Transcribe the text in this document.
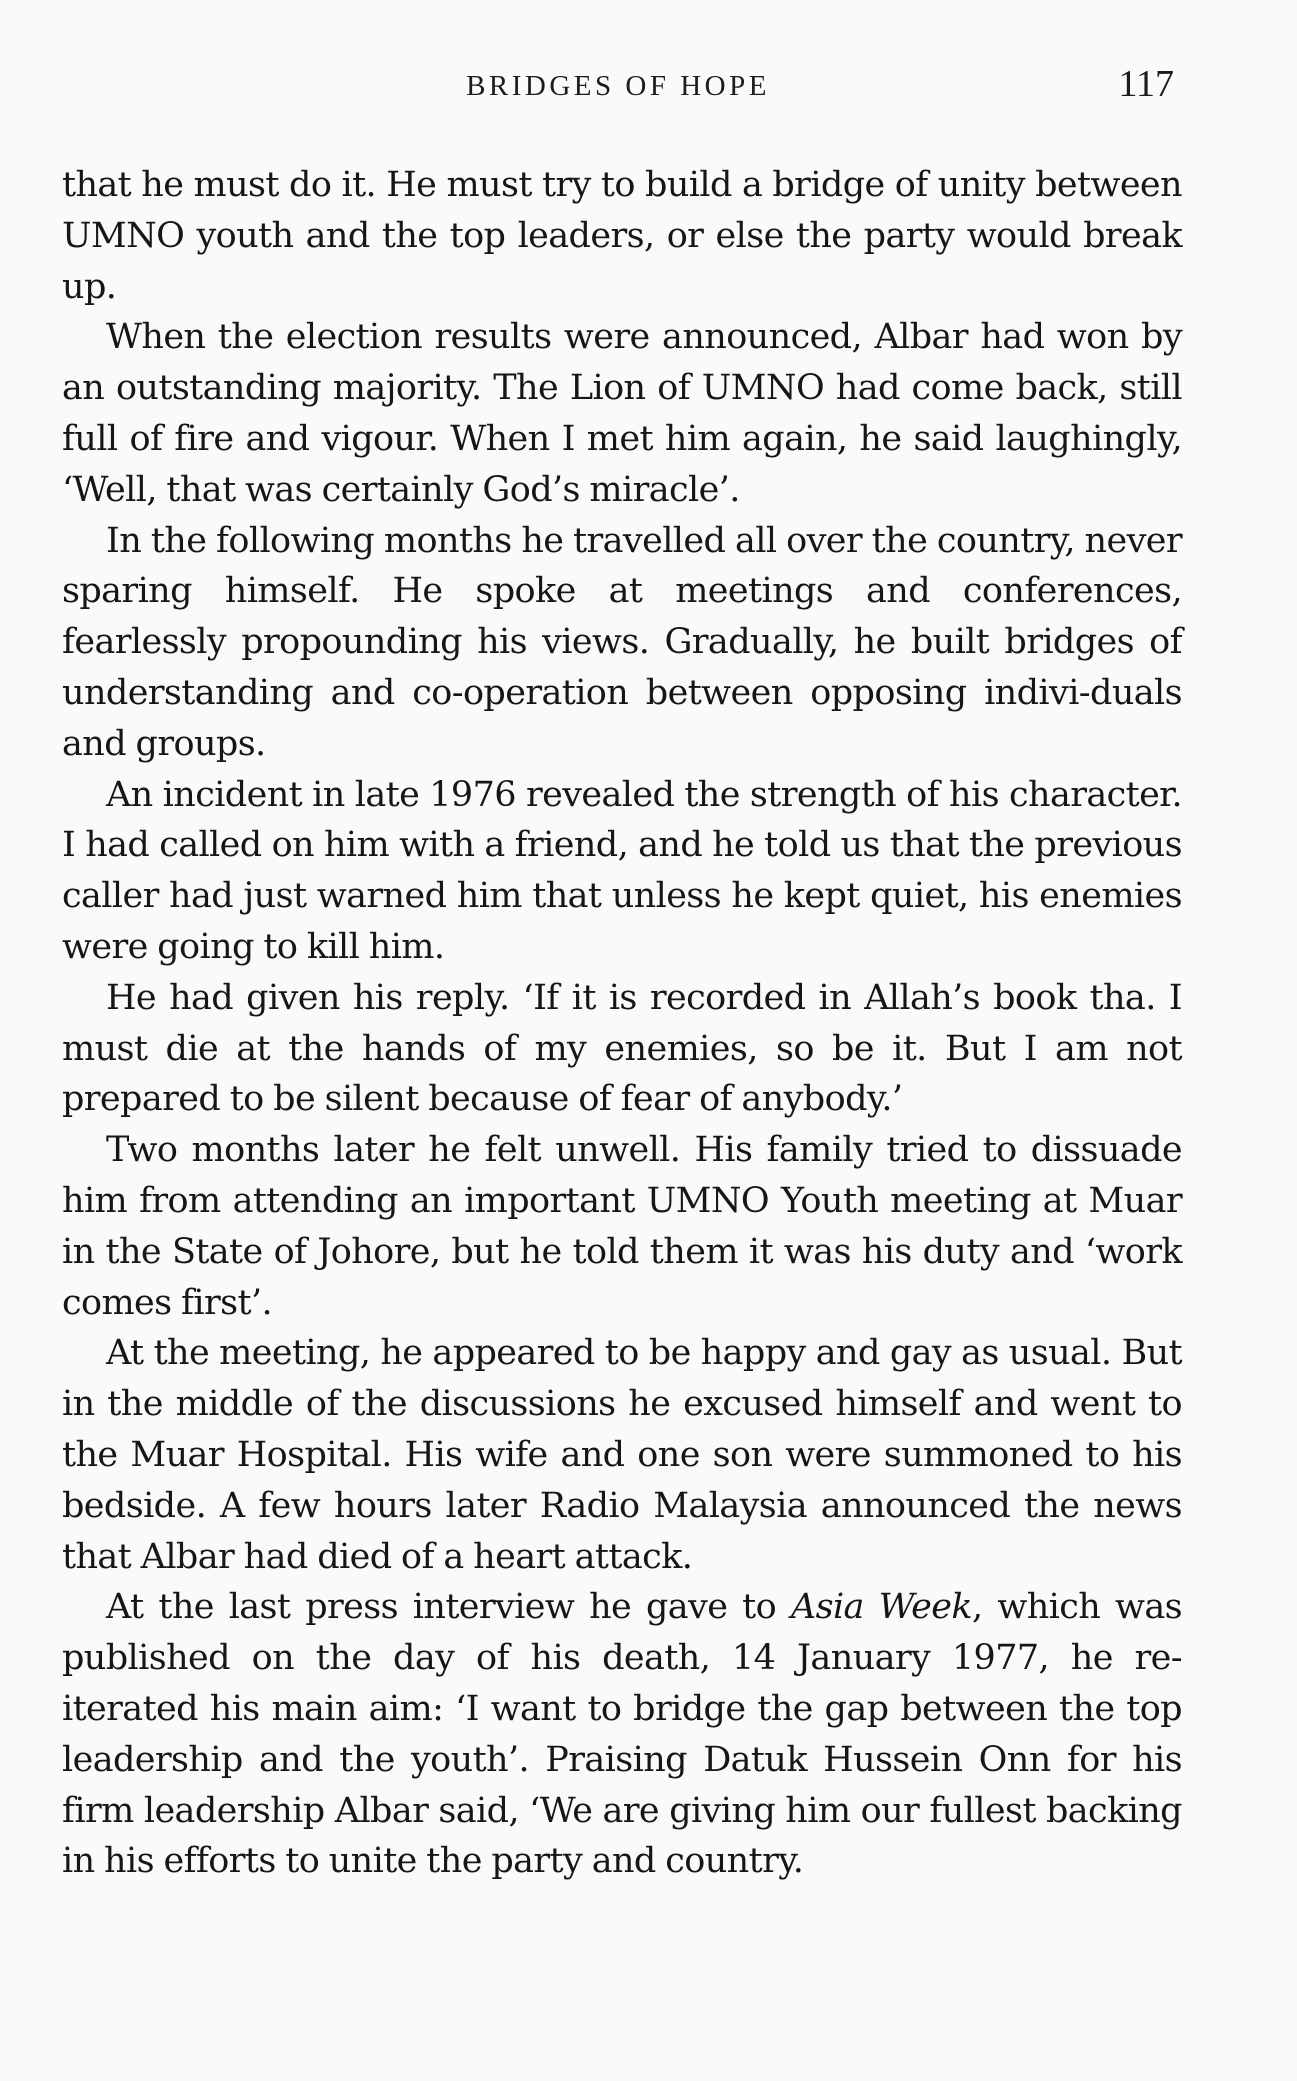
BRIDGES OF HOPE	117

that he must do it. He must try to build a bridge of unity between UMNO youth and the top leaders, or else the party would break up.

When the election results were announced, Albar had won by an outstanding majority. The Lion of UMNO had come back, still full of fire and vigour. When I met him again, he said laughingly, ‘Well, that was certainly God’s miracle’.

In the following months he travelled all over the country, never sparing himself. He spoke at meetings and conferences, fearlessly propounding his views. Gradually, he built bridges of understanding and co-operation between opposing indivi-duals and groups.

An incident in late 1976 revealed the strength of his character. I had called on him with a friend, and he told us that the previous caller had just warned him that unless he kept quiet, his enemies were going to kill him.

He had given his reply. ‘If it is recorded in Allah’s book tha. I must die at the hands of my enemies, so be it. But I am not prepared to be silent because of fear of anybody.’

Two months later he felt unwell. His family tried to dissuade him from attending an important UMNO Youth meeting at Muar in the State of Johore, but he told them it was his duty and ‘work comes first’.

At the meeting, he appeared to be happy and gay as usual. But in the middle of the discussions he excused himself and went to the Muar Hospital. His wife and one son were summoned to his bedside. A few hours later Radio Malaysia announced the news that Albar had died of a heart attack.

At the last press interview he gave to Asia Week, which was published on the day of his death, 14 January 1977, he re-iterated his main aim: ‘I want to bridge the gap between the top leadership and the youth’. Praising Datuk Hussein Onn for his firm leadership Albar said, ‘We are giving him our fullest backing in his efforts to unite the party and country.
